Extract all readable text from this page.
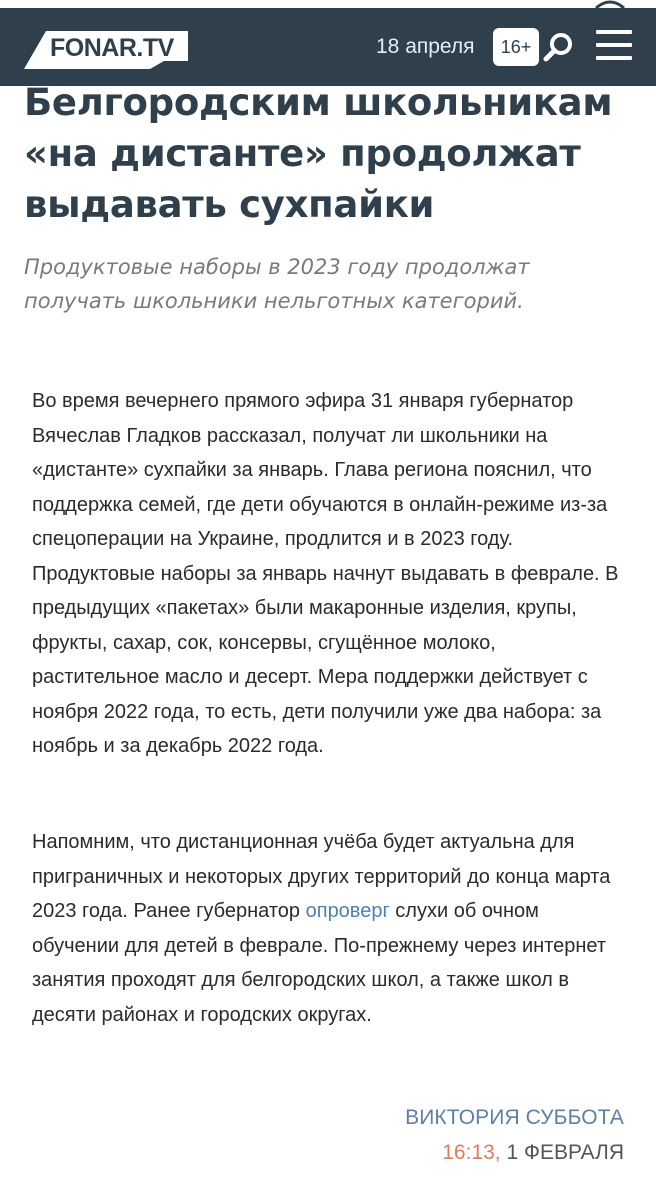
FONAR.TV	18 апреля	16+
Белгородским школьникам «на дистанте» продолжат выдавать сухпайки

Продуктовые наборы в 2023 году продолжат получать школьники нельготных категорий.

Во время вечернего прямого эфира 31 января губернатор Вячеслав Гладков рассказал, получат ли школьники на «дистанте» сухпайки за январь. Глава региона пояснил, что поддержка семей, где дети обучаются в онлайн-режиме из-за спецоперации на Украине, продлится и в 2023 году. Продуктовые наборы за январь начнут выдавать в феврале. В предыдущих «пакетах» были макаронные изделия, крупы, фрукты, сахар, сок, консервы, сгущённое молоко, растительное масло и десерт. Мера поддержки действует с ноября 2022 года, то есть, дети получили уже два набора: за ноябрь и за декабрь 2022 года.

Напомним, что дистанционная учёба будет актуальна для приграничных и некоторых других территорий до конца марта 2023 года. Ранее губернатор опроверг слухи об очном обучении для детей в феврале. По-прежнему через интернет занятия проходят для белгородских школ, а также школ в десяти районах и городских округах.

ВИКТОРИЯ СУББОТА
16:13, 1 ФЕВРАЛЯ
